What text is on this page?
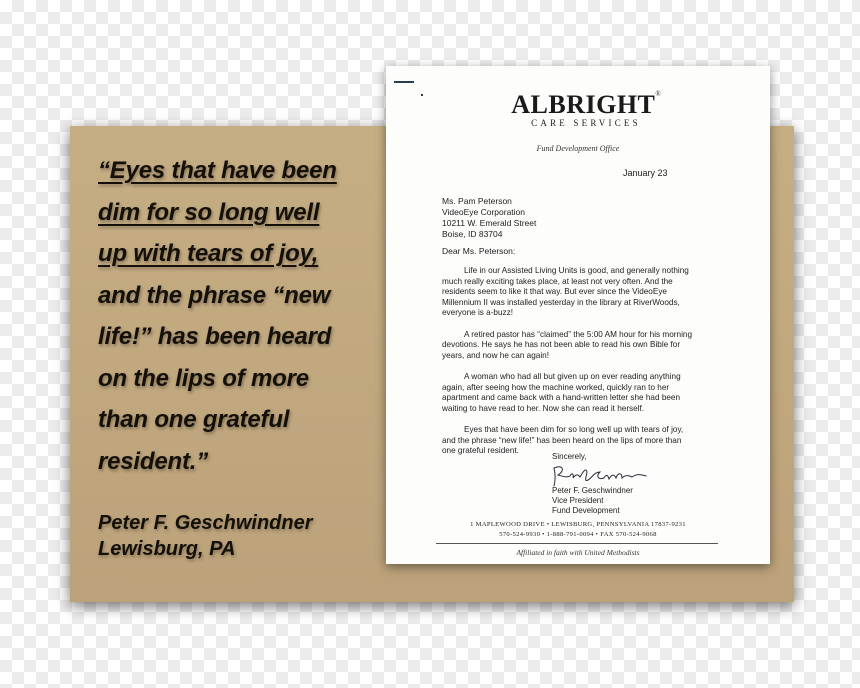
“Eyes that have been
dim for so long well
up with tears of joy,
and the phrase “new
life!” has been heard
on the lips of more
than one grateful
resident.”
Peter F. Geschwindner
Lewisburg, PA
ALBRIGHT®
CARE SERVICES
Fund Development Office
January 23
Ms. Pam Peterson
VideoEye Corporation
10211 W. Emerald Street
Boise, ID 83704
Dear Ms. Peterson:

Life in our Assisted Living Units is good, and generally nothing
much really exciting takes place, at least not very often. And the
residents seem to like it that way. But ever since the VideoEye
Millennium II was installed yesterday in the library at RiverWoods,
everyone is a-buzz!

A retired pastor has “claimed” the 5:00 AM hour for his morning
devotions. He says he has not been able to read his own Bible for
years, and now he can again!

A woman who had all but given up on ever reading anything
again, after seeing how the machine worked, quickly ran to her
apartment and came back with a hand-written letter she had been
waiting to have read to her. Now she can read it herself.

Eyes that have been dim for so long well up with tears of joy,
and the phrase “new life!” has been heard on the lips of more than
one grateful resident.

Sincerely,
Peter F. Geschwindner
Vice President
Fund Development
1 MAPLEWOOD DRIVE • LEWISBURG, PENNSYLVANIA 17837-9231
570-524-9930 • 1-888-791-0094 • FAX 570-524-9068
Affiliated in faith with United Methodists
